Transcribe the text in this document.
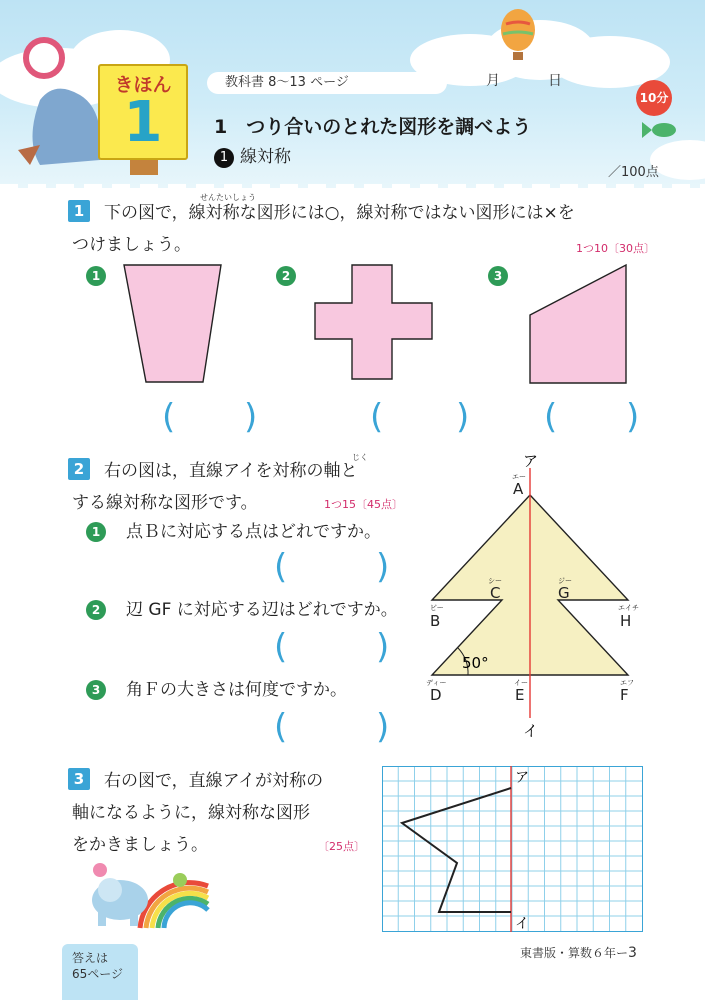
きほん
1
教科書 8〜13 ページ	月	日
10分
1　つり合いのとれた図形を調べよう
1 線対称
／100点
1
せんたいしょう
下の図で，線対称な図形には○，線対称ではない図形には×を
つけましょう。	1つ10〔30点〕
1	2	3
( )	( ) ( )
2
じく
右の図は，直線アイを対称の軸と
する線対称な図形です。	1つ15〔45点〕
1	点Ｂに対応する点はどれですか。
(	)
2	辺 GF に対応する辺はどれですか。
(	)
3	角Ｆの大きさは何度ですか。
(	)
ア
イ
50°
エー
A
ビー
B
シー
C
ディー
D
イー
E
エフ
F
ジー
G
エイチ
H
3	右の図で，直線アイが対称の
軸になるように，線対称な図形
をかきましょう。	〔25点〕
ア
イ
答えは
65ページ
東書版・算数６年ー3
